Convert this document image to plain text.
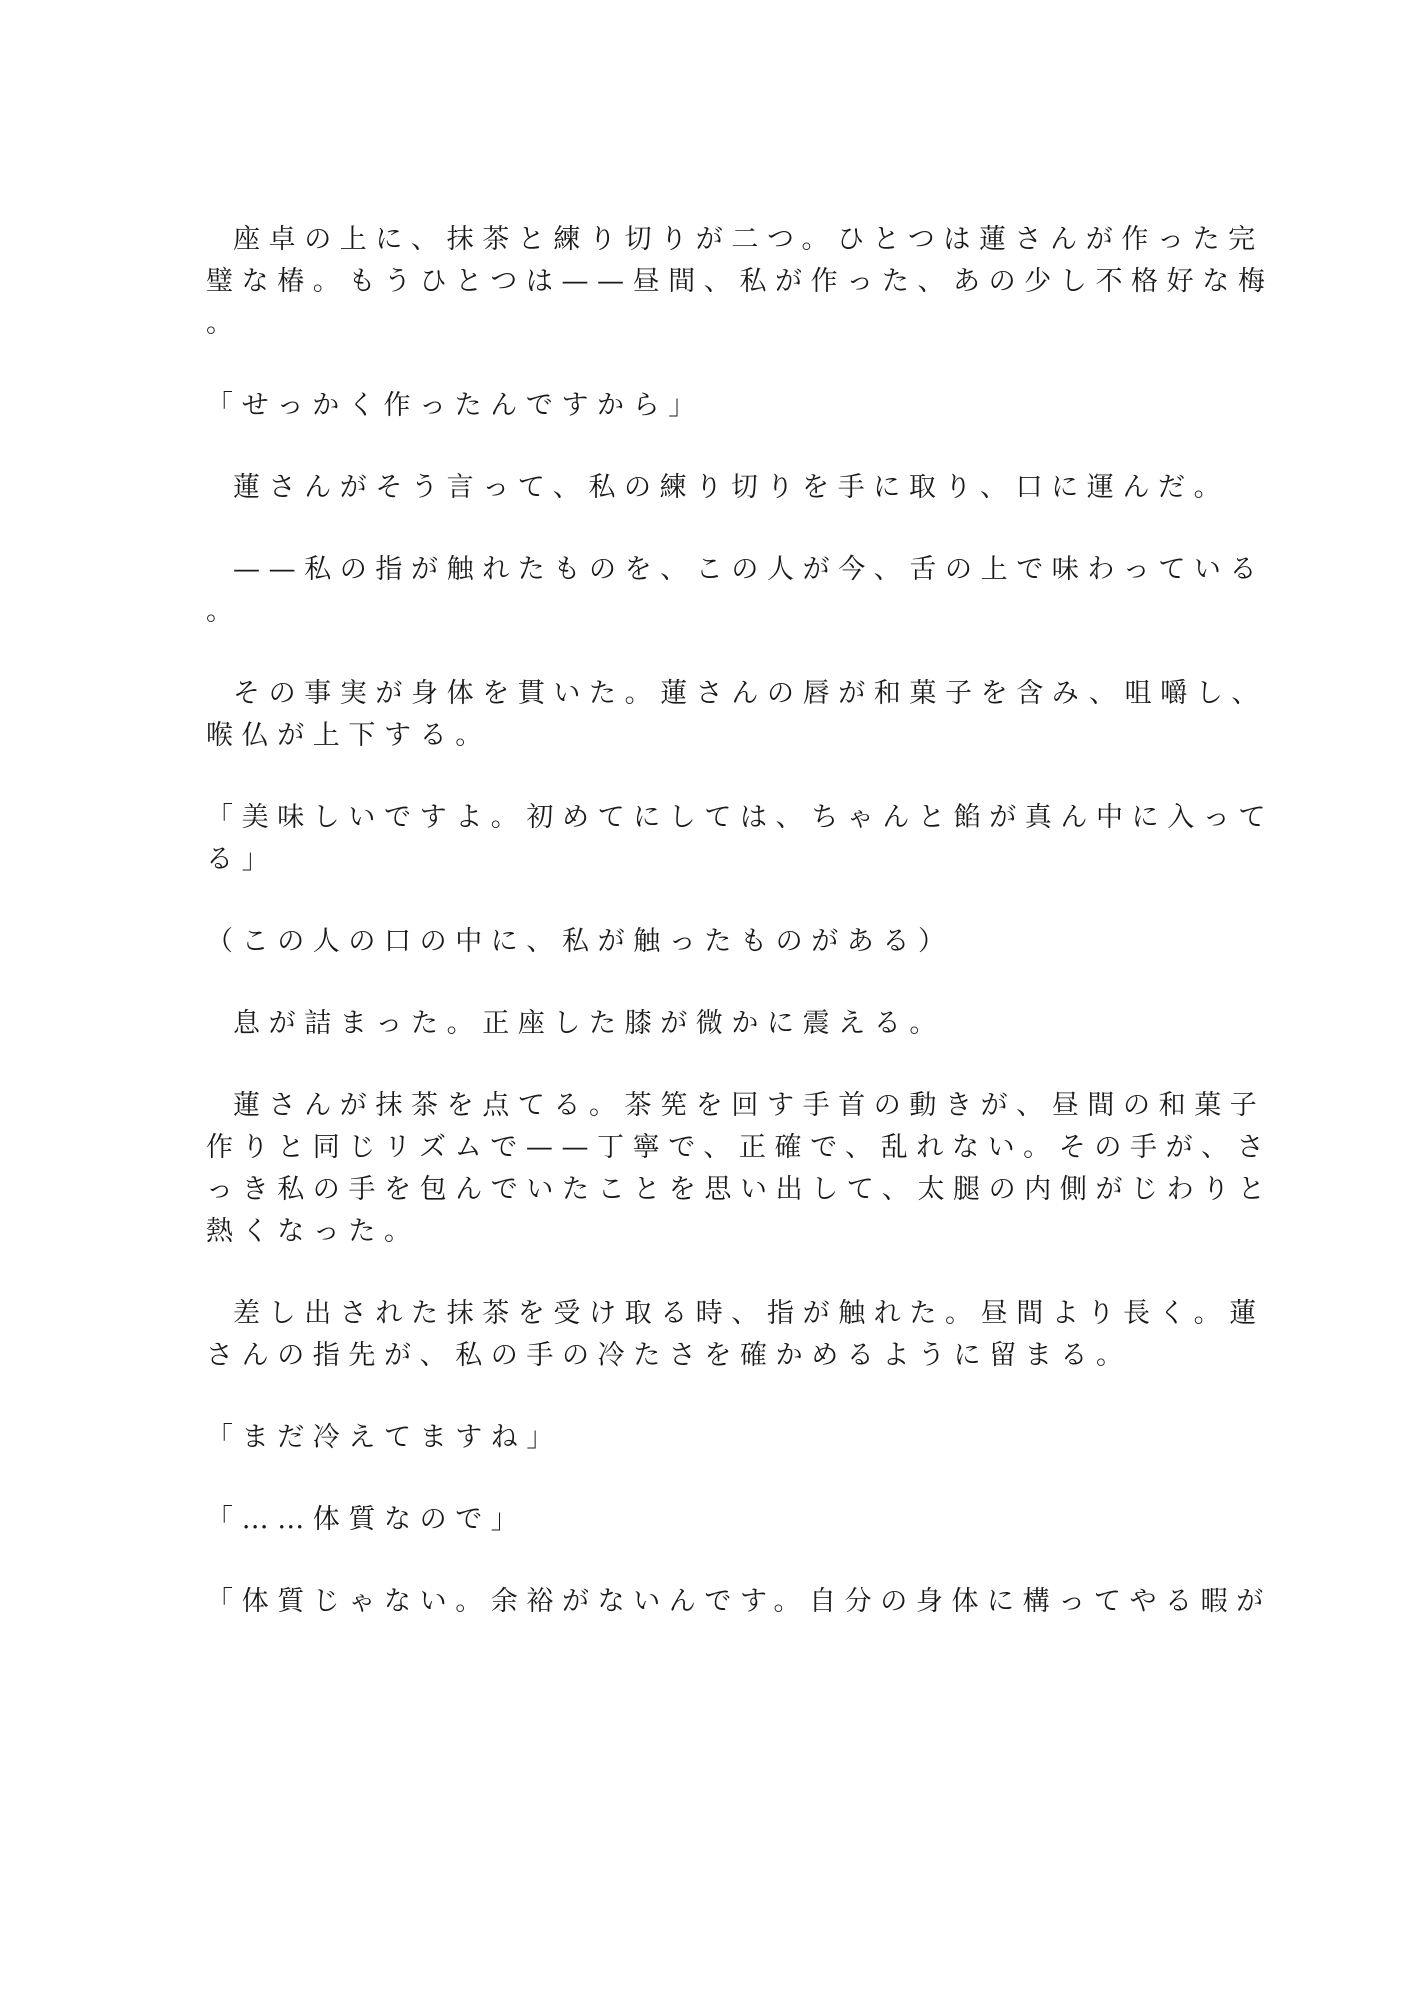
座卓の上に、抹茶と練り切りが二つ。ひとつは蓮さんが作った完
璧な椿。もうひとつは——昼間、私が作った、あの少し不格好な梅
。
「せっかく作ったんですから」
蓮さんがそう言って、私の練り切りを手に取り、口に運んだ。
——私の指が触れたものを、この人が今、舌の上で味わっている
。
その事実が身体を貫いた。蓮さんの唇が和菓子を含み、咀嚼し、
喉仏が上下する。
「美味しいですよ。初めてにしては、ちゃんと餡が真ん中に入って
る」
（この人の口の中に、私が触ったものがある）
息が詰まった。正座した膝が微かに震える。
蓮さんが抹茶を点てる。茶筅を回す手首の動きが、昼間の和菓子
作りと同じリズムで——丁寧で、正確で、乱れない。その手が、さ
っき私の手を包んでいたことを思い出して、太腿の内側がじわりと
熱くなった。
差し出された抹茶を受け取る時、指が触れた。昼間より長く。蓮
さんの指先が、私の手の冷たさを確かめるように留まる。
「まだ冷えてますね」
「……体質なので」
「体質じゃない。余裕がないんです。自分の身体に構ってやる暇が
